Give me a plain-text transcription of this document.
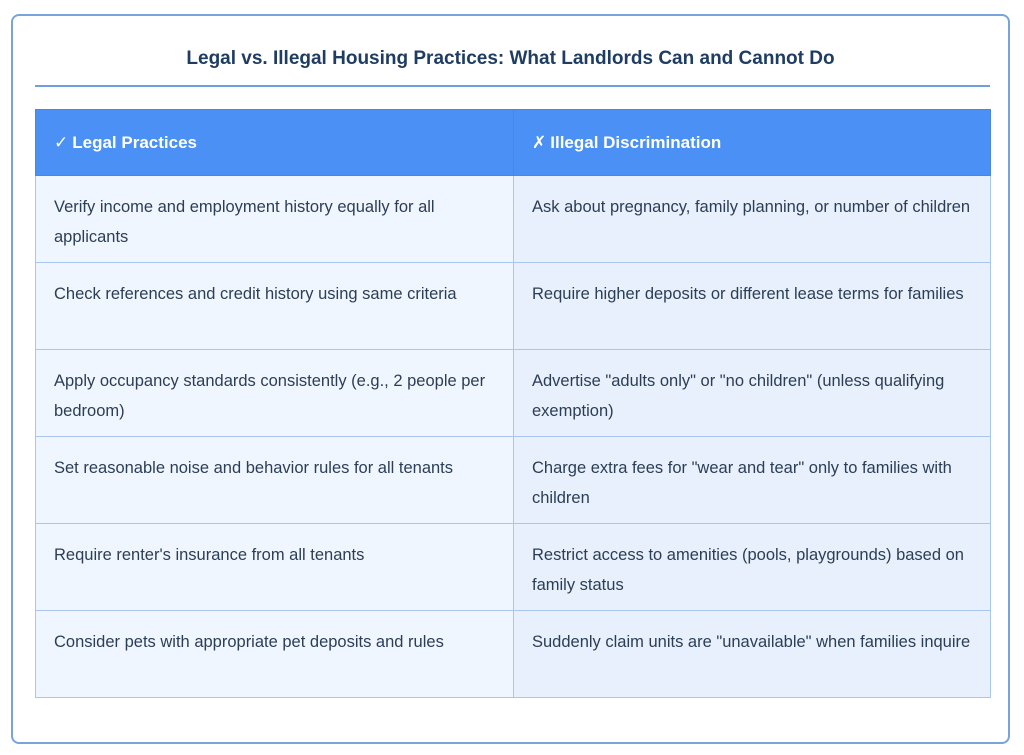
Legal vs. Illegal Housing Practices: What Landlords Can and Cannot Do
✓ Legal Practices	✗ Illegal Discrimination
Verify income and employment history equally for all applicants	Ask about pregnancy, family planning, or number of children
Check references and credit history using same criteria	Require higher deposits or different lease terms for families
Apply occupancy standards consistently (e.g., 2 people per bedroom)	Advertise "adults only" or "no children" (unless qualifying exemption)
Set reasonable noise and behavior rules for all tenants	Charge extra fees for "wear and tear" only to families with children
Require renter's insurance from all tenants	Restrict access to amenities (pools, playgrounds) based on family status
Consider pets with appropriate pet deposits and rules	Suddenly claim units are "unavailable" when families inquire
